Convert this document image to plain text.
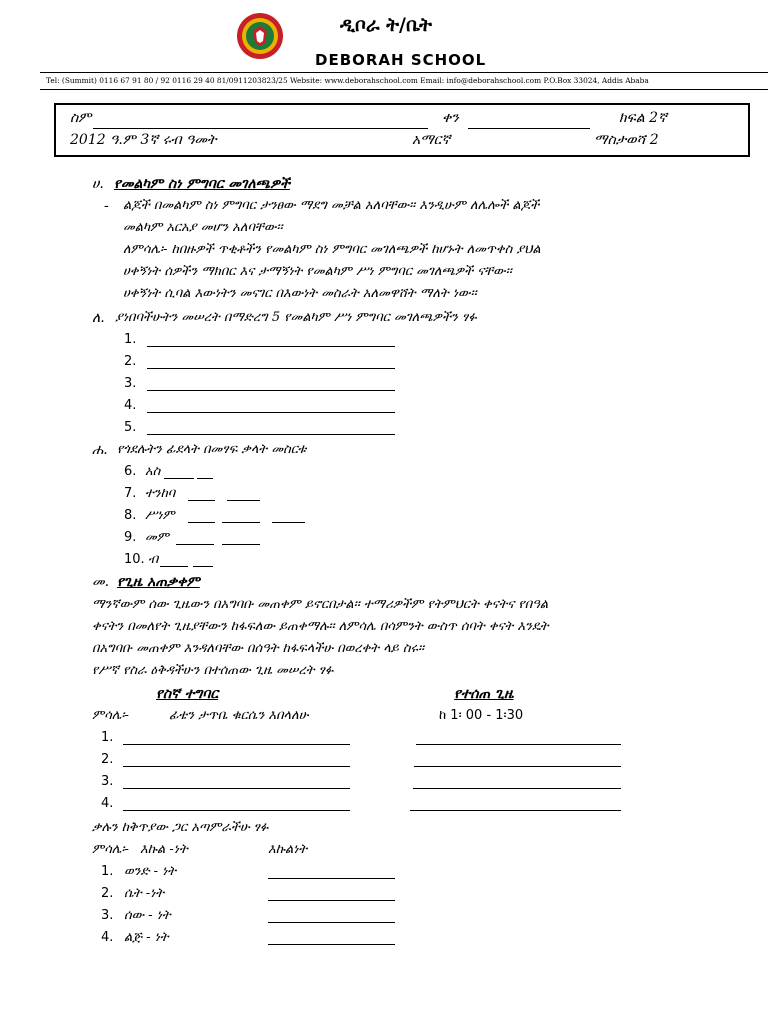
ዲቦራ ት/ቤት
DEBORAH SCHOOL
Tel: (Summit) 0116 67 91 80 / 92 0116 29 40 81/0911203823/25 Website: www.deborahschool.com Email: info@deborahschool.com P.O.Box 33024, Addis Ababa
ስም	ቀን	ክፍል 2ኛ
2012 ዓ.ም 3ኛ ሩብ ዓመት	አማርኛ	ማስታወሻ 2
ሀ. የመልካም ስነ ምግባር መገለጫዎች
- ልጆች በመልካም ስነ ምግባር ታንፀው ማደግ መቻል አለባቸው፡፡ እንዲሁም ለሌሎች ልጆች
መልካም አርአያ መሆን አለባቸው፡፡
ለምሳሌ፡- ከበዙዎች ጥቂቶችን የመልካም ስነ ምግባር መገለጫዎች ከሆኑት ለመጥቀስ ያህል
ሀቀኝነት ሰዎችን ማክበር እና ታማኝነት የመልካም ሥነ ምግባር መገለጫዎች ናቸው፡፡
ሀቀኝነት ሲባል እውነትን መናገር በእውነት መስራት አለመዋሸት ማለት ነው፡፡
ለ. ያነበባችሁትን መሠረት በማድረግ 5 የመልካም ሥነ ምግባር መገለጫዎችን ፃፉ
1.
2.
3.
4.
5.
ሐ. የጎደሉትን ፊደላት በመፃፍ ቃላት መስርቱ
6. አስ
7. ተንከባ
8. ሥነም
9. መም
10. ብ
መ. የጊዜ አጠቃቀም
ማንኛውም ሰው ጊዜውን በአግባቡ መጠቀም ይኖርበታል፡፡ ተማሪዎችም የትምህርት ቀናትና የበዓል
ቀናትን በመለየት ጊዜያቸውን ከፋፍለው ይጠቀማሉ፡፡ ለምሳሌ በሳምንት ውስጥ ሰባት ቀናት እንዴት
በአግባቡ መጠቀም እንዳለባቸው በሰዓት ከፋፍላችሁ በወረቀት ላይ ስሩ፡፡
የሥኛ የስራ ዕቅዳችሁን በተሰጠው ጊዜ መሠረት ፃፉ
የስኛ ተግባር	የተሰጠ ጊዜ
ምሳሌ፡-	ፊቴን ታጥቤ ቁርሴን እበላለሁ	ከ 1፡ 00 - 1፡30
1.
2.
3.
4.
ቃሉን ከቅጥያው ጋር አጣምራችሁ ፃፉ
ምሳሌ፡- እኩል -ነት	እኩልነት
1. ወንድ - ነት
2. ሴት -ነት
3. ሰው - ነት
4. ልጅ - ነት
